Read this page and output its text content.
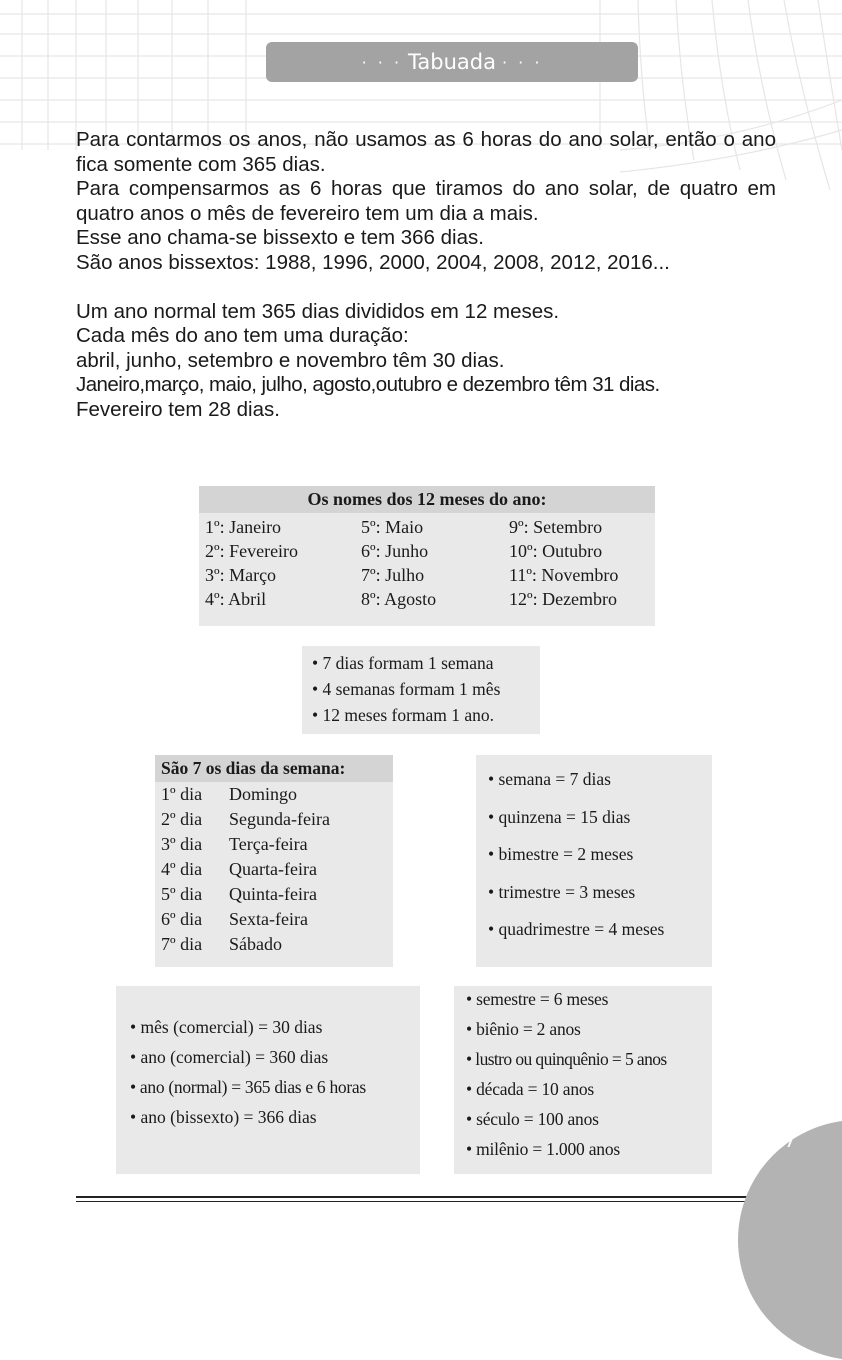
· · · Tabuada · · ·

Para contarmos os anos, não usamos as 6 horas do ano solar, então o ano fica somente com 365 dias.

Para compensarmos as 6 horas que tiramos do ano solar, de quatro em quatro anos o mês de fevereiro tem um dia a mais.

Esse ano chama-se bissexto e tem 366 dias.

São anos bissextos: 1988, 1996, 2000, 2004, 2008, 2012, 2016...

Um ano normal tem 365 dias divididos em 12 meses.

Cada mês do ano tem uma duração:

abril, junho, setembro e novembro têm 30 dias.

Janeiro,março, maio, julho, agosto,outubro e dezembro têm 31 dias.

Fevereiro tem 28 dias.

Os nomes dos 12 meses do ano:
1º: Janeiro
2º: Fevereiro
3º: Março
4º: Abril
5º: Maio
6º: Junho
7º: Julho
8º: Agosto
9º: Setembro
10º: Outubro
11º: Novembro
12º: Dezembro
• 7 dias formam 1 semana
• 4 semanas formam 1 mês
• 12 meses formam 1 ano.
São 7 os dias da semana:
1º dia Domingo
2º dia Segunda-feira
3º dia Terça-feira
4º dia Quarta-feira
5º dia Quinta-feira
6º dia Sexta-feira
7º dia Sábado
• semana = 7 dias
• quinzena = 15 dias
• bimestre = 2 meses
• trimestre = 3 meses
• quadrimestre = 4 meses
• mês (comercial) = 30 dias
• ano (comercial) = 360 dias
• ano (normal) = 365 dias e 6 horas
• ano (bissexto) = 366 dias
• semestre = 6 meses
• biênio = 2 anos
• lustro ou quinquênio = 5 anos
• década = 10 anos
• século = 100 anos
• milênio = 1.000 anos	7
